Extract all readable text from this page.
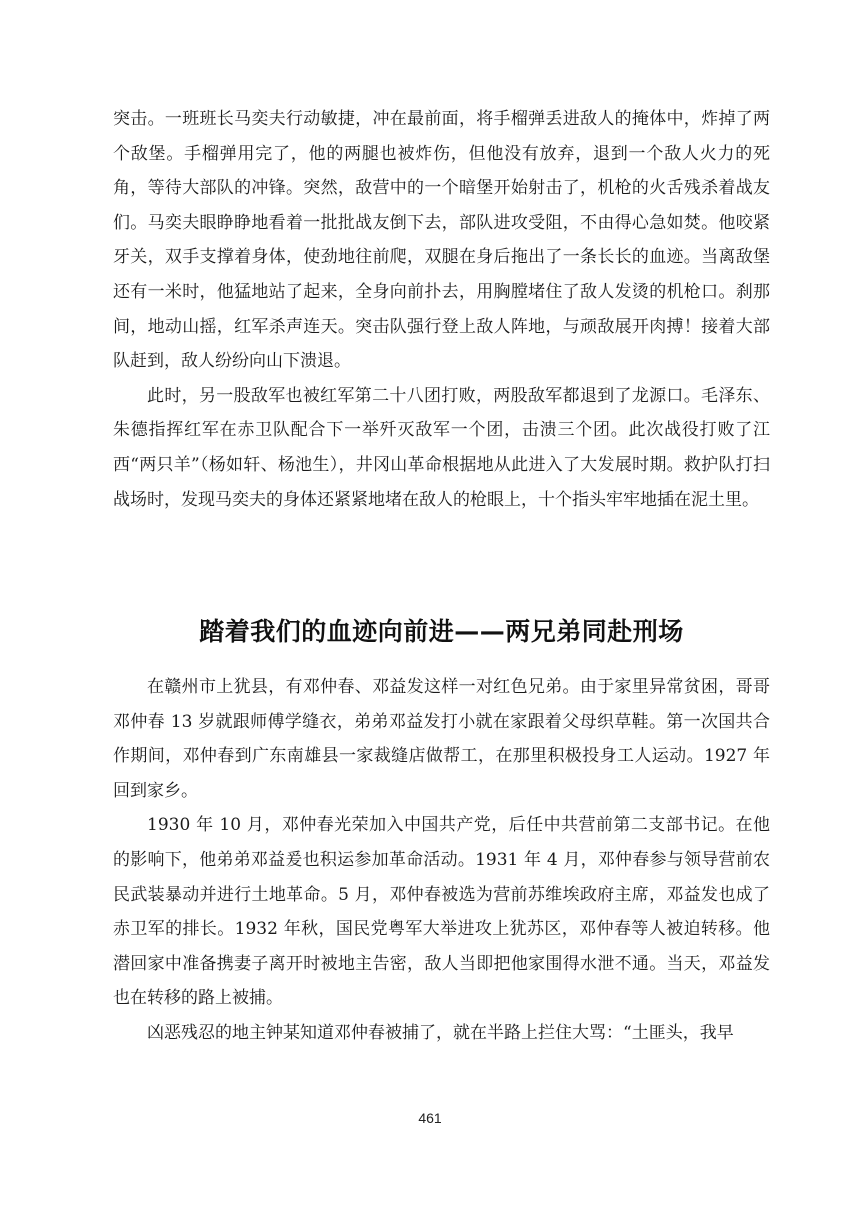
突击。一班班长马奕夫行动敏捷，冲在最前面，将手榴弹丢进敌人的掩体中，炸掉了两个敌堡。手榴弹用完了，他的两腿也被炸伤，但他没有放弃，退到一个敌人火力的死角，等待大部队的冲锋。突然，敌营中的一个暗堡开始射击了，机枪的火舌残杀着战友们。马奕夫眼睁睁地看着一批批战友倒下去，部队进攻受阻，不由得心急如焚。他咬紧牙关，双手支撑着身体，使劲地往前爬，双腿在身后拖出了一条长长的血迹。当离敌堡还有一米时，他猛地站了起来，全身向前扑去，用胸膛堵住了敌人发烫的机枪口。刹那间，地动山摇，红军杀声连天。突击队强行登上敌人阵地，与顽敌展开肉搏！接着大部队赶到，敌人纷纷向山下溃退。

此时，另一股敌军也被红军第二十八团打败，两股敌军都退到了龙源口。毛泽东、朱德指挥红军在赤卫队配合下一举歼灭敌军一个团，击溃三个团。此次战役打败了江西“两只羊”（杨如轩、杨池生），井冈山革命根据地从此进入了大发展时期。救护队打扫战场时，发现马奕夫的身体还紧紧地堵在敌人的枪眼上，十个指头牢牢地插在泥土里。

踏着我们的血迹向前进——两兄弟同赴刑场

在赣州市上犹县，有邓仲春、邓益发这样一对红色兄弟。由于家里异常贫困，哥哥邓仲春 13 岁就跟师傅学缝衣，弟弟邓益发打小就在家跟着父母织草鞋。第一次国共合作期间，邓仲春到广东南雄县一家裁缝店做帮工，在那里积极投身工人运动。1927 年回到家乡。

1930 年 10 月，邓仲春光荣加入中国共产党，后任中共营前第二支部书记。在他的影响下，他弟弟邓益爰也积运参加革命活动。1931 年 4 月，邓仲春参与领导营前农民武装暴动并进行土地革命。5 月，邓仲春被选为营前苏维埃政府主席，邓益发也成了赤卫军的排长。1932 年秋，国民党粤军大举进攻上犹苏区，邓仲春等人被迫转移。他潜回家中准备携妻子离开时被地主告密，敌人当即把他家围得水泄不通。当天，邓益发也在转移的路上被捕。

凶恶残忍的地主钟某知道邓仲春被捕了，就在半路上拦住大骂：“土匪头，我早

461
